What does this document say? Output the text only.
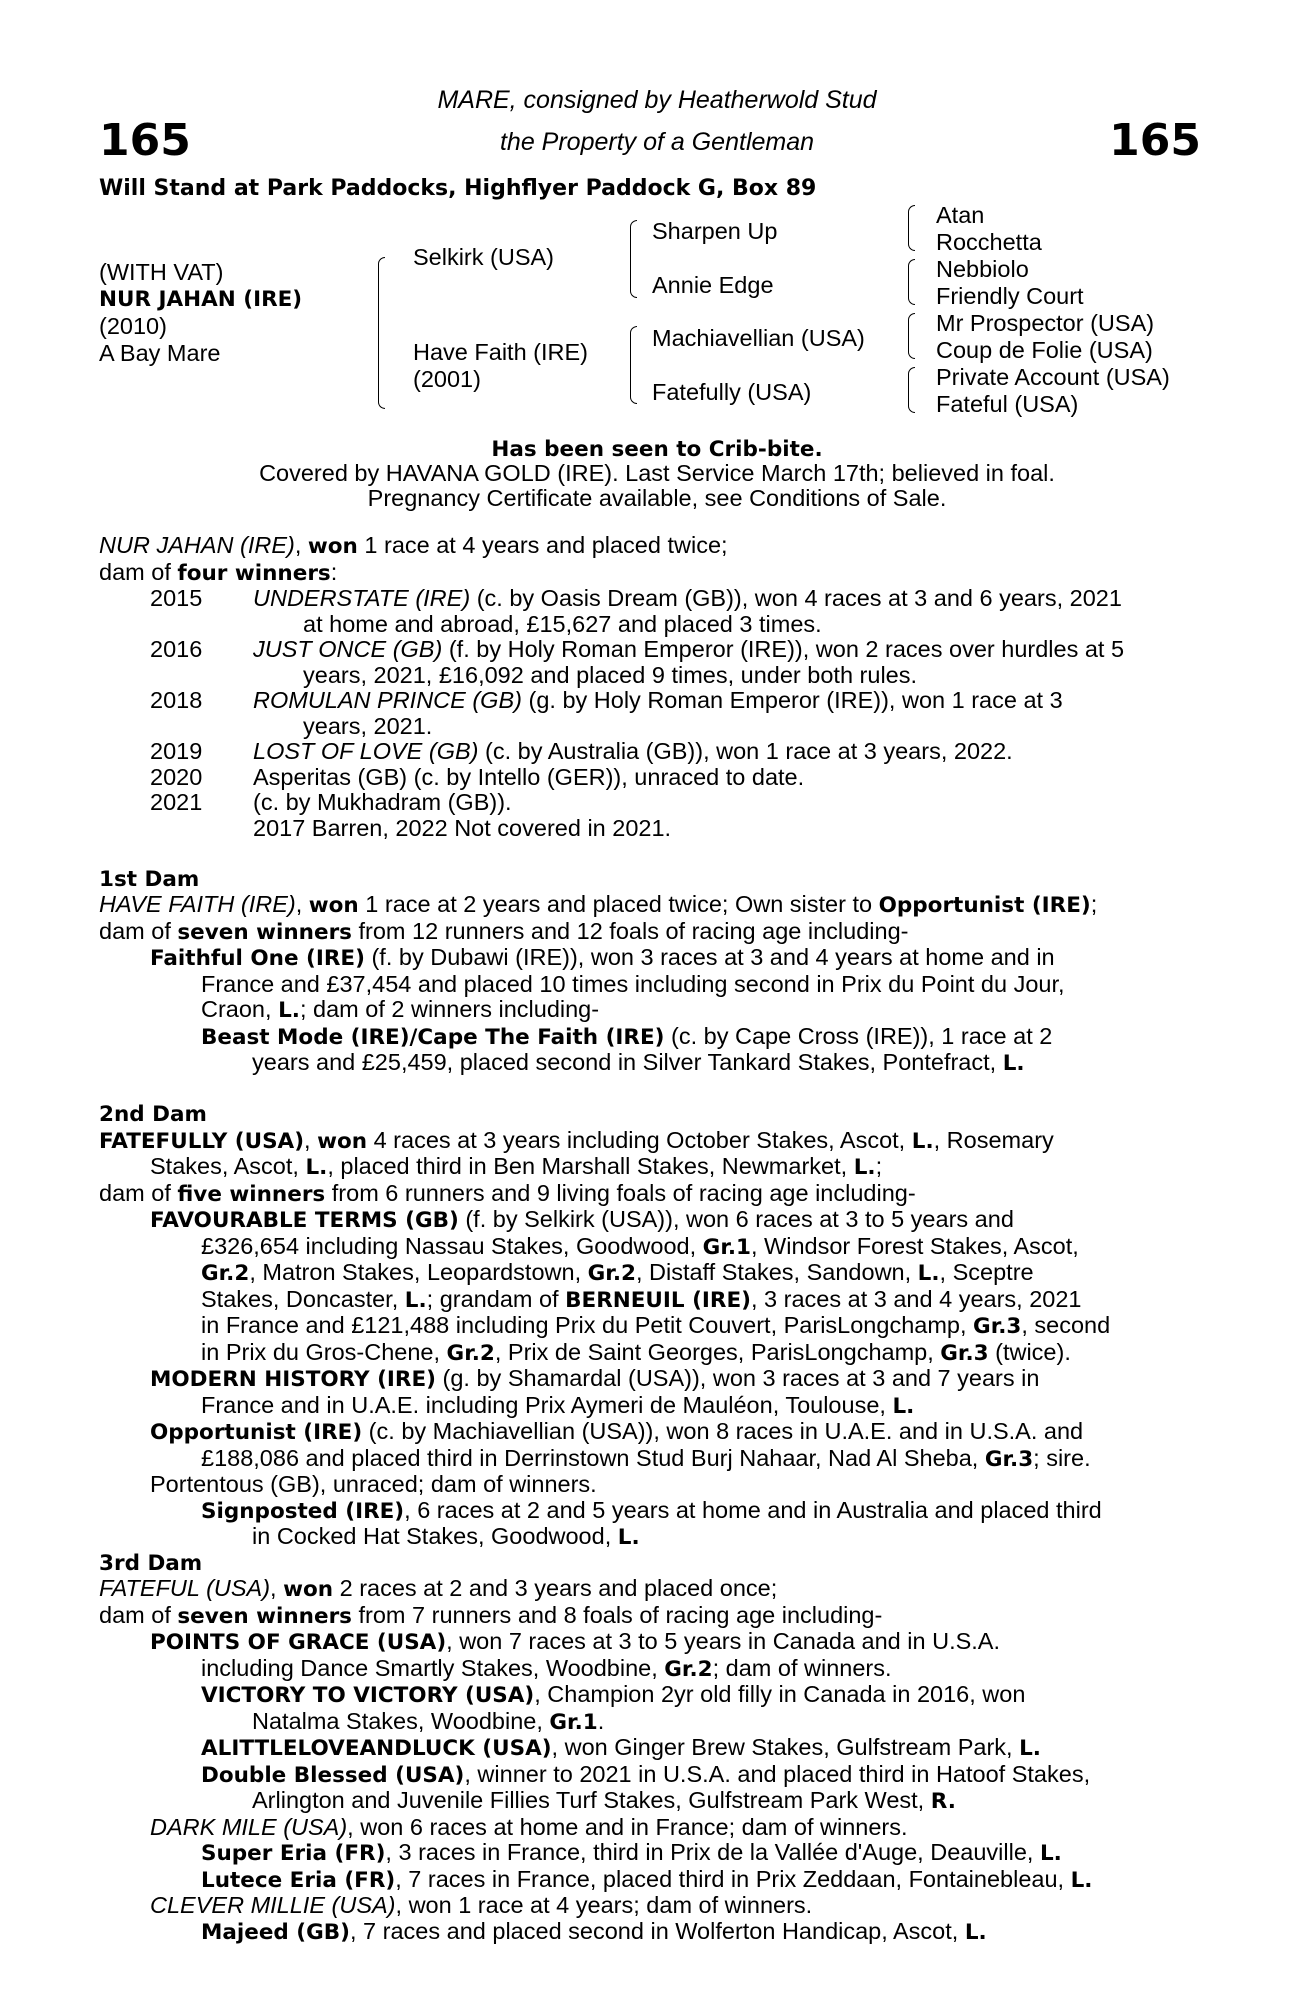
165	165
MARE, consigned by Heatherwold Stud
the Property of a Gentleman
Will Stand at Park Paddocks, Highflyer Paddock G, Box 89
(WITH VAT)
NUR JAHAN (IRE)
(2010)
A Bay Mare
Selkirk (USA)
Have Faith (IRE)
(2001)
Sharpen Up
Annie Edge
Machiavellian (USA)
Fatefully (USA)
Atan
Rocchetta
Nebbiolo
Friendly Court
Mr Prospector (USA)
Coup de Folie (USA)
Private Account (USA)
Fateful (USA)
Has been seen to Crib-bite.
Covered by HAVANA GOLD (IRE). Last Service March 17th; believed in foal.
Pregnancy Certificate available, see Conditions of Sale.

NUR JAHAN (IRE), won 1 race at 4 years and placed twice;

dam of four winners:

2015	UNDERSTATE (IRE) (c. by Oasis Dream (GB)), won 4 races at 3 and 6 years, 2021
at home and abroad, £15,627 and placed 3 times.
2016	JUST ONCE (GB) (f. by Holy Roman Emperor (IRE)), won 2 races over hurdles at 5
years, 2021, £16,092 and placed 9 times, under both rules.
2018	ROMULAN PRINCE (GB) (g. by Holy Roman Emperor (IRE)), won 1 race at 3
years, 2021.
2019	LOST OF LOVE (GB) (c. by Australia (GB)), won 1 race at 3 years, 2022.
2020	Asperitas (GB) (c. by Intello (GER)), unraced to date.
2021	(c. by Mukhadram (GB)).
2017 Barren, 2022 Not covered in 2021.

1st Dam

HAVE FAITH (IRE), won 1 race at 2 years and placed twice; Own sister to Opportunist (IRE);

dam of seven winners from 12 runners and 12 foals of racing age including-

Faithful One (IRE) (f. by Dubawi (IRE)), won 3 races at 3 and 4 years at home and in

France and £37,454 and placed 10 times including second in Prix du Point du Jour,

Craon, L.; dam of 2 winners including-

Beast Mode (IRE)/Cape The Faith (IRE) (c. by Cape Cross (IRE)), 1 race at 2

years and £25,459, placed second in Silver Tankard Stakes, Pontefract, L.

2nd Dam

FATEFULLY (USA), won 4 races at 3 years including October Stakes, Ascot, L., Rosemary

Stakes, Ascot, L., placed third in Ben Marshall Stakes, Newmarket, L.;

dam of five winners from 6 runners and 9 living foals of racing age including-

FAVOURABLE TERMS (GB) (f. by Selkirk (USA)), won 6 races at 3 to 5 years and

£326,654 including Nassau Stakes, Goodwood, Gr.1, Windsor Forest Stakes, Ascot,

Gr.2, Matron Stakes, Leopardstown, Gr.2, Distaff Stakes, Sandown, L., Sceptre

Stakes, Doncaster, L.; grandam of BERNEUIL (IRE), 3 races at 3 and 4 years, 2021

in France and £121,488 including Prix du Petit Couvert, ParisLongchamp, Gr.3, second

in Prix du Gros-Chene, Gr.2, Prix de Saint Georges, ParisLongchamp, Gr.3 (twice).

MODERN HISTORY (IRE) (g. by Shamardal (USA)), won 3 races at 3 and 7 years in

France and in U.A.E. including Prix Aymeri de Mauléon, Toulouse, L.

Opportunist (IRE) (c. by Machiavellian (USA)), won 8 races in U.A.E. and in U.S.A. and

£188,086 and placed third in Derrinstown Stud Burj Nahaar, Nad Al Sheba, Gr.3; sire.

Portentous (GB), unraced; dam of winners.

Signposted (IRE), 6 races at 2 and 5 years at home and in Australia and placed third

in Cocked Hat Stakes, Goodwood, L.

3rd Dam

FATEFUL (USA), won 2 races at 2 and 3 years and placed once;

dam of seven winners from 7 runners and 8 foals of racing age including-

POINTS OF GRACE (USA), won 7 races at 3 to 5 years in Canada and in U.S.A.

including Dance Smartly Stakes, Woodbine, Gr.2; dam of winners.

VICTORY TO VICTORY (USA), Champion 2yr old filly in Canada in 2016, won

Natalma Stakes, Woodbine, Gr.1.

ALITTLELOVEANDLUCK (USA), won Ginger Brew Stakes, Gulfstream Park, L.

Double Blessed (USA), winner to 2021 in U.S.A. and placed third in Hatoof Stakes,

Arlington and Juvenile Fillies Turf Stakes, Gulfstream Park West, R.

DARK MILE (USA), won 6 races at home and in France; dam of winners.

Super Eria (FR), 3 races in France, third in Prix de la Vallée d'Auge, Deauville, L.

Lutece Eria (FR), 7 races in France, placed third in Prix Zeddaan, Fontainebleau, L.

CLEVER MILLIE (USA), won 1 race at 4 years; dam of winners.

Majeed (GB), 7 races and placed second in Wolferton Handicap, Ascot, L.
